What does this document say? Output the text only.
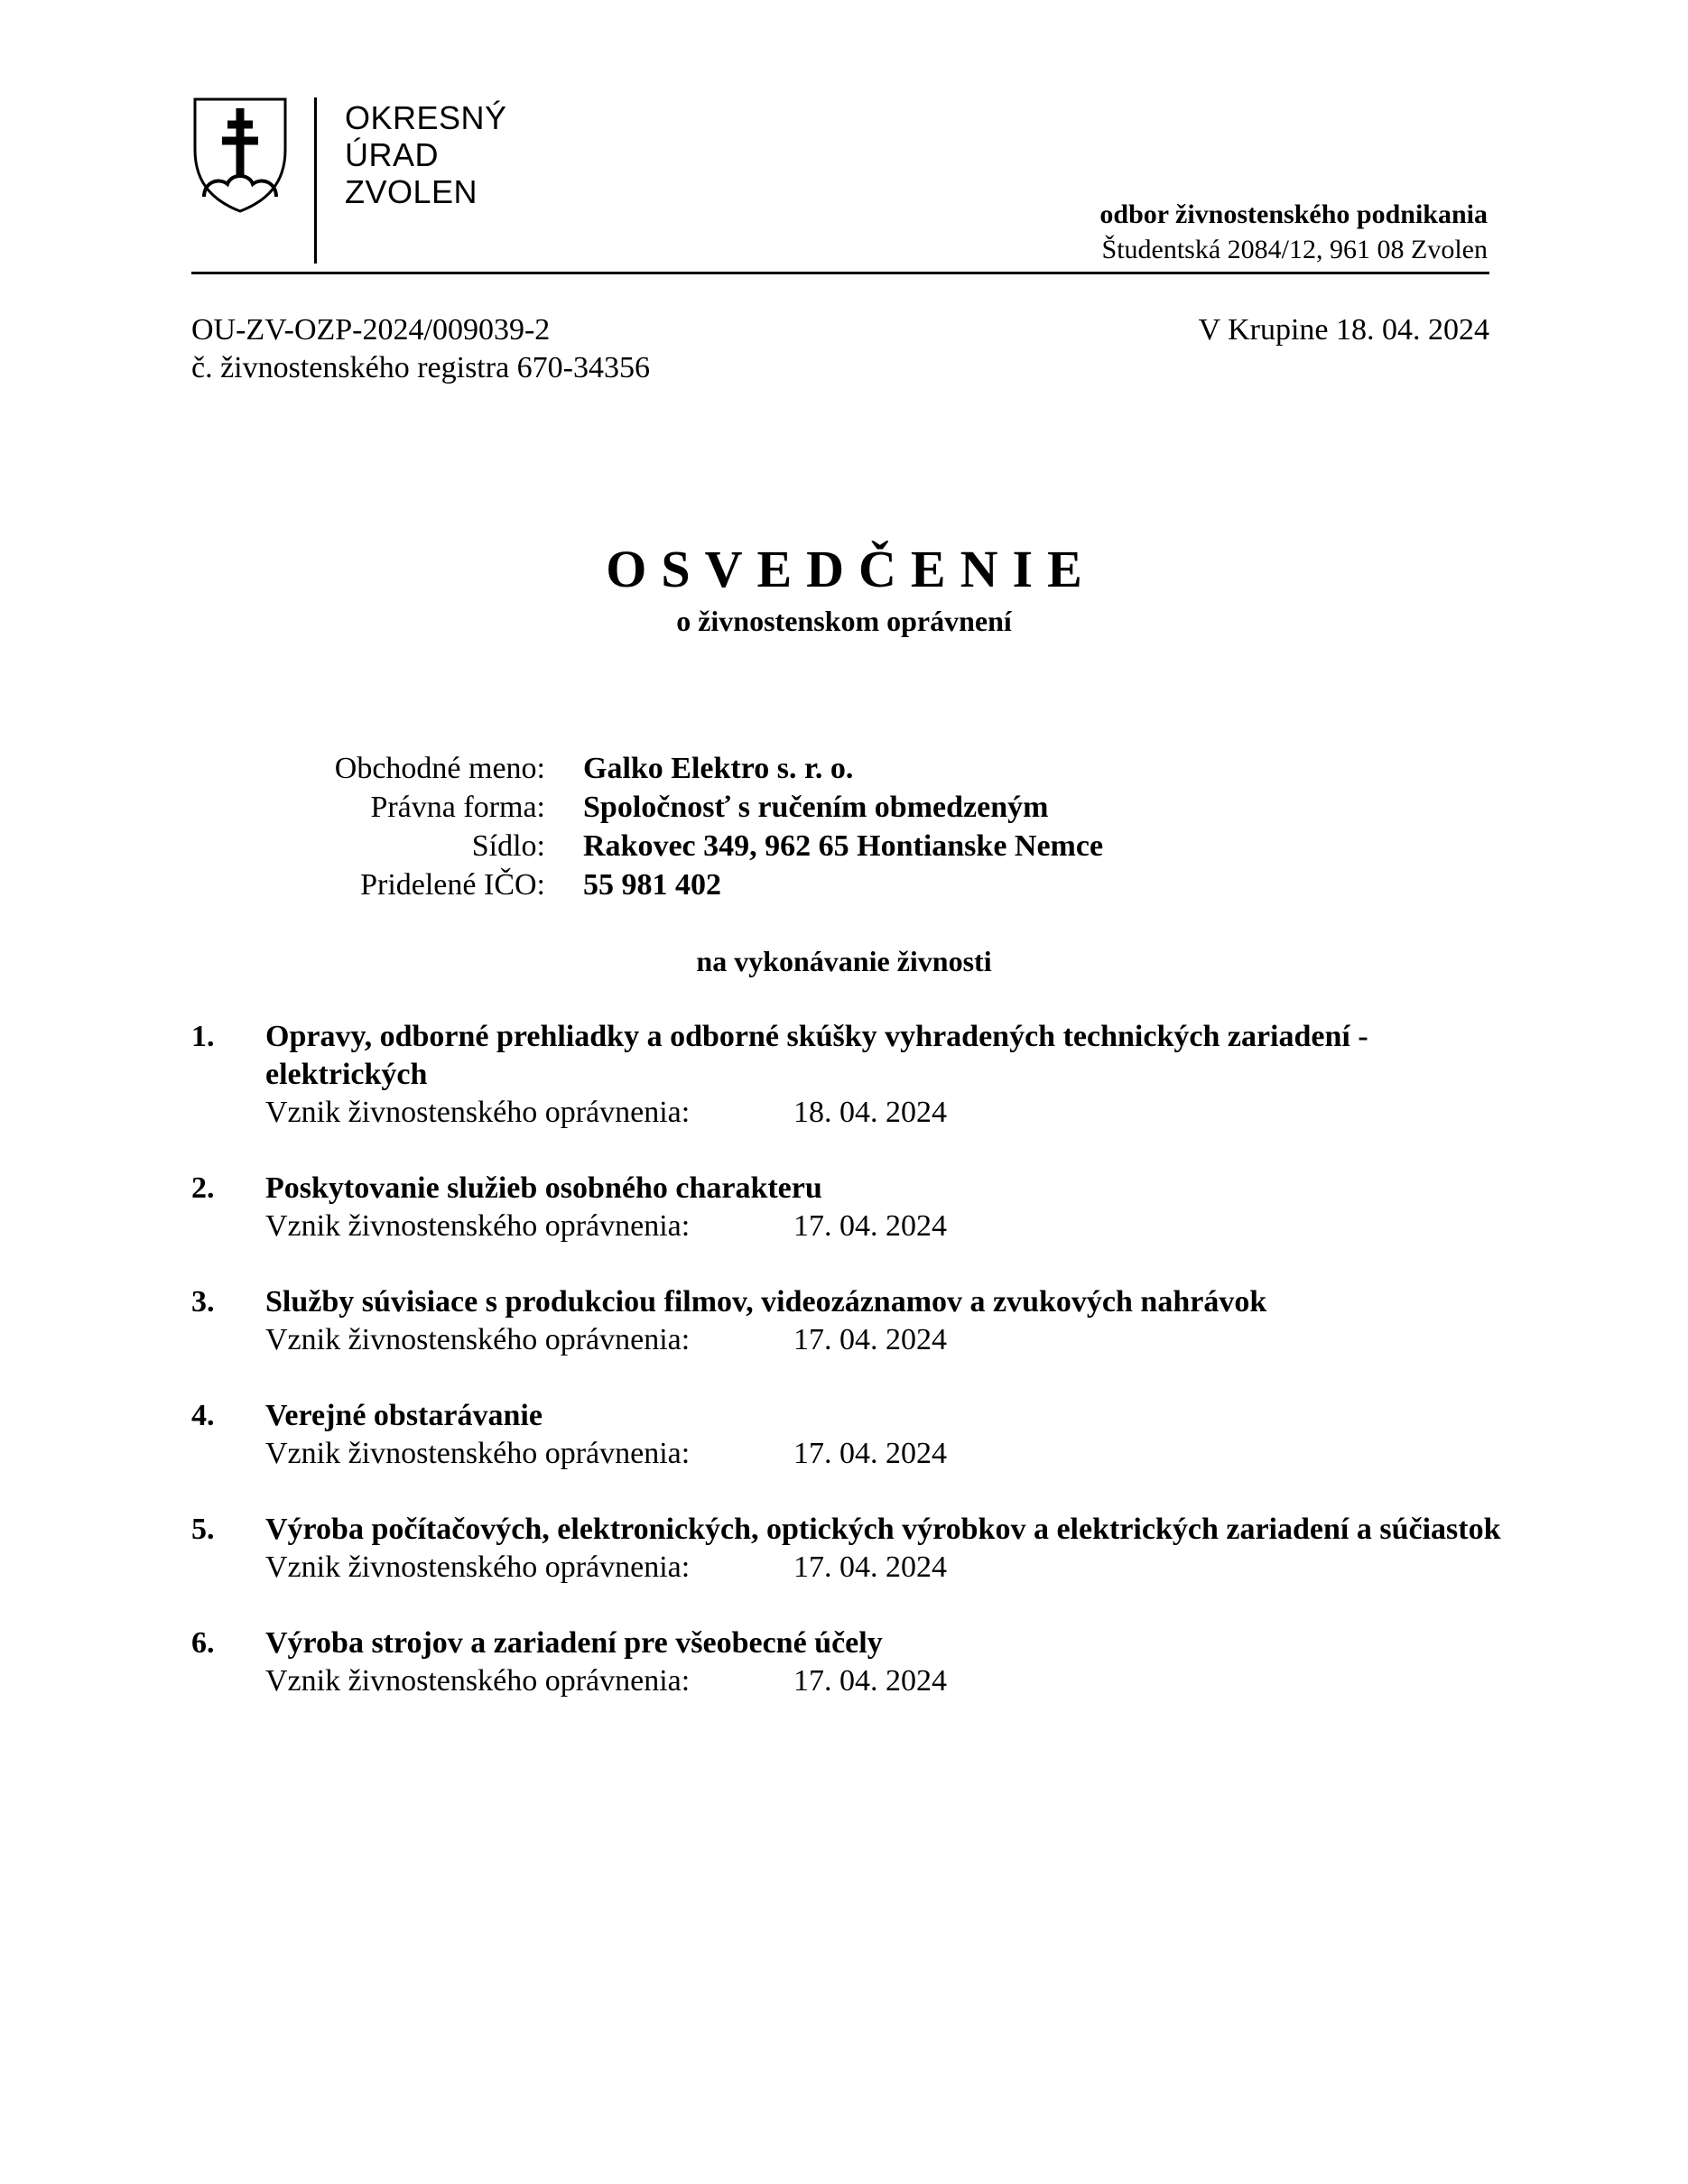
OKRESNÝ
ÚRAD
ZVOLEN
odbor živnostenského podnikania
Študentská 2084/12, 961 08 Zvolen
OU-ZV-OZP-2024/009039-2
č. živnostenského registra 670-34356
V Krupine 18. 04. 2024
OSVEDČENIE
o živnostenskom oprávnení
Obchodné meno:	Galko Elektro s. r. o.
Právna forma:	Spoločnosť s ručením obmedzeným
Sídlo:	Rakovec 349, 962 65 Hontianske Nemce
Pridelené IČO:	55 981 402
na vykonávanie živnosti
1.	Opravy, odborné prehliadky a odborné skúšky vyhradených technických zariadení - elektrických
Vznik živnostenského oprávnenia:	18. 04. 2024
2.	Poskytovanie služieb osobného charakteru
Vznik živnostenského oprávnenia:	17. 04. 2024
3.	Služby súvisiace s produkciou filmov, videozáznamov a zvukových nahrávok
Vznik živnostenského oprávnenia:	17. 04. 2024
4.	Verejné obstarávanie
Vznik živnostenského oprávnenia:	17. 04. 2024
5.	Výroba počítačových, elektronických, optických výrobkov a elektrických zariadení a súčiastok
Vznik živnostenského oprávnenia:	17. 04. 2024
6.	Výroba strojov a zariadení pre všeobecné účely
Vznik živnostenského oprávnenia:	17. 04. 2024
